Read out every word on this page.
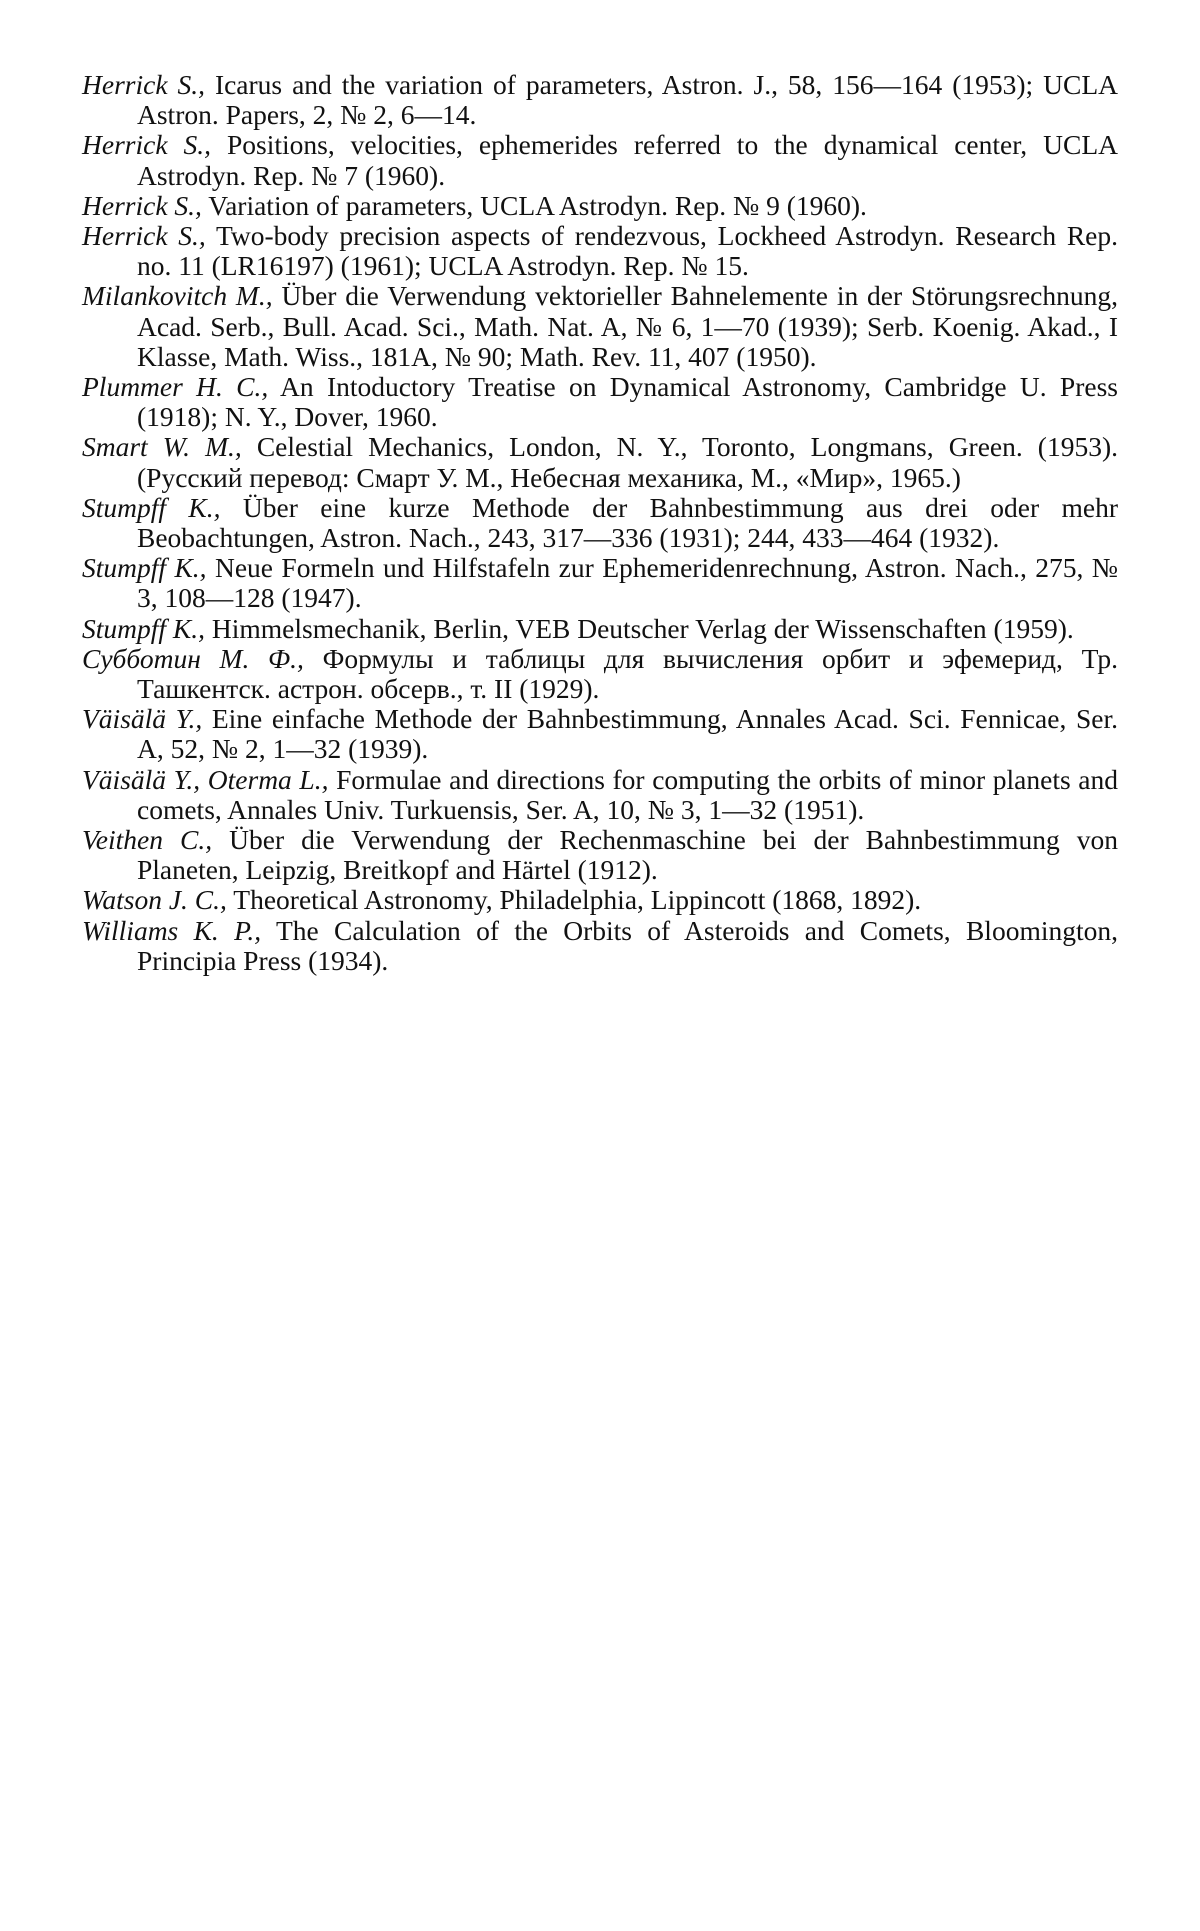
Herrick S., Icarus and the variation of parameters, Astron. J., 58, 156—164 (1953); UCLA Astron. Papers, 2, № 2, 6—14.
Herrick S., Positions, velocities, ephemerides referred to the dynamical center, UCLA Astrodyn. Rep. № 7 (1960).
Herrick S., Variation of parameters, UCLA Astrodyn. Rep. № 9 (1960).
Herrick S., Two-body precision aspects of rendezvous, Lockheed Astrodyn. Research Rep. no. 11 (LR16197) (1961); UCLA Astrodyn. Rep. № 15.
Milankovitch M., Über die Verwendung vektorieller Bahnelemente in der Störungsrechnung, Acad. Serb., Bull. Acad. Sci., Math. Nat. A, № 6, 1—70 (1939); Serb. Koenig. Akad., I Klasse, Math. Wiss., 181A, № 90; Math. Rev. 11, 407 (1950).
Plummer H. C., An Intoductory Treatise on Dynamical Astronomy, Cambridge U. Press (1918); N. Y., Dover, 1960.
Smart W. M., Celestial Mechanics, London, N. Y., Toronto, Longmans, Green. (1953). (Русский перевод: Смарт У. М., Небесная механика, М., «Мир», 1965.)
Stumpff K., Über eine kurze Methode der Bahnbestimmung aus drei oder mehr Beobachtungen, Astron. Nach., 243, 317—336 (1931); 244, 433—464 (1932).
Stumpff K., Neue Formeln und Hilfstafeln zur Ephemeridenrechnung, Astron. Nach., 275, № 3, 108—128 (1947).
Stumpff K., Himmelsmechanik, Berlin, VEB Deutscher Verlag der Wissenschaften (1959).
Субботин М. Ф., Формулы и таблицы для вычисления орбит и эфемерид, Тр. Ташкентск. астрон. обсерв., т. II (1929).
Väisälä Y., Eine einfache Methode der Bahnbestimmung, Annales Acad. Sci. Fennicae, Ser. A, 52, № 2, 1—32 (1939).
Väisälä Y., Oterma L., Formulae and directions for computing the orbits of minor planets and comets, Annales Univ. Turkuensis, Ser. A, 10, № 3, 1—32 (1951).
Veithen C., Über die Verwendung der Rechenmaschine bei der Bahnbestimmung von Planeten, Leipzig, Breitkopf and Härtel (1912).
Watson J. C., Theoretical Astronomy, Philadelphia, Lippincott (1868, 1892).
Williams K. P., The Calculation of the Orbits of Asteroids and Comets, Bloomington, Principia Press (1934).
